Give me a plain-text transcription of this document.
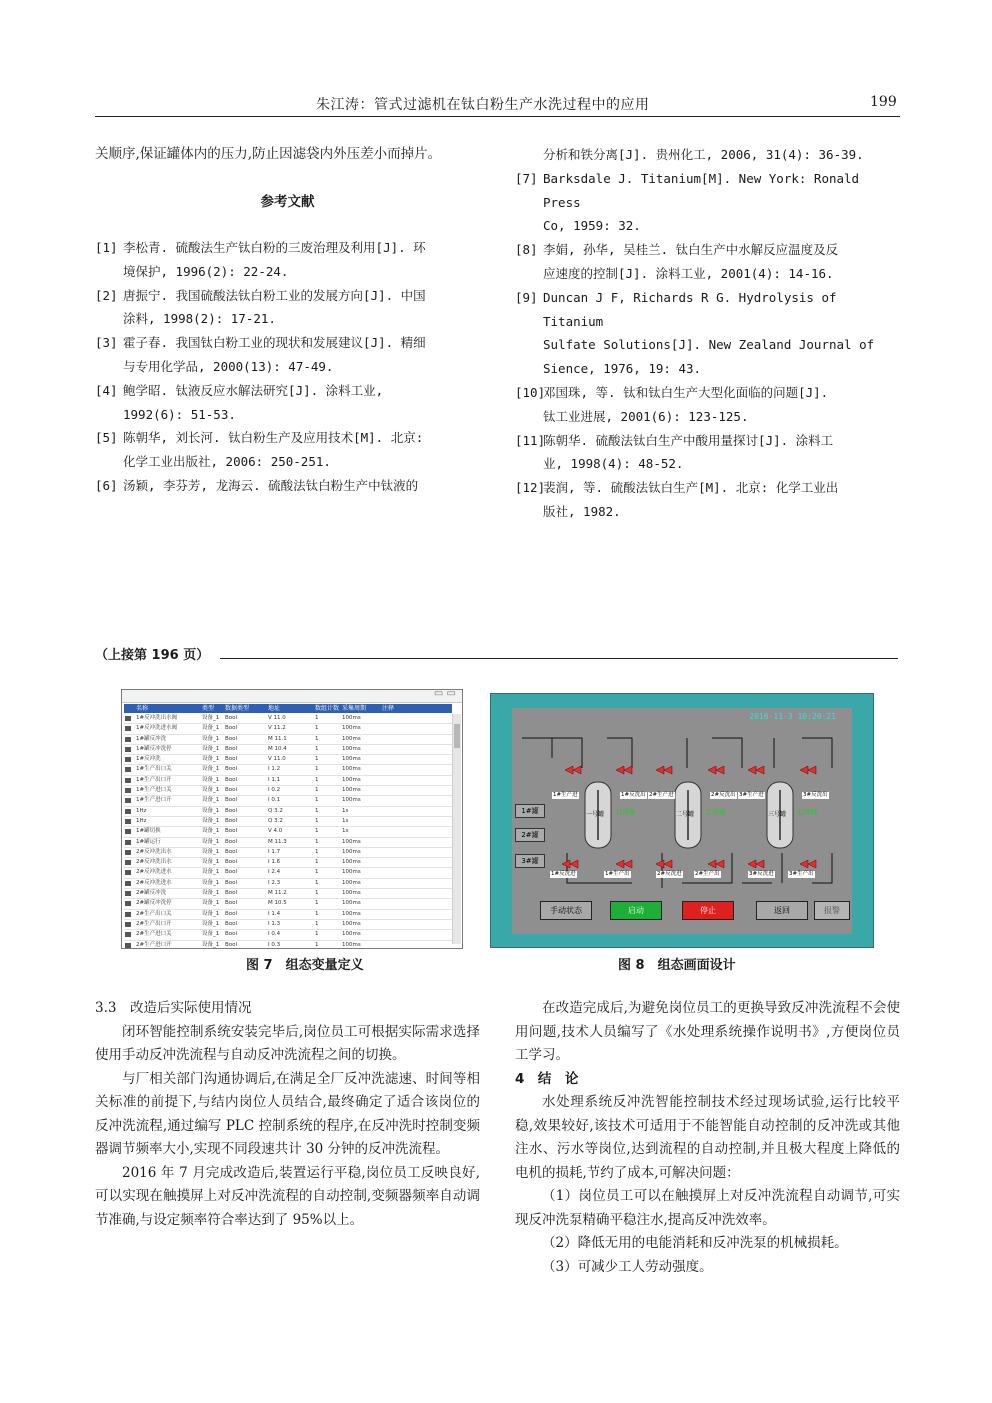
朱江涛：管式过滤机在钛白粉生产水洗过程中的应用	199

关顺序,保证罐体内的压力,防止因滤袋内外压差小而掉片。

参考文献

[1] 李松青. 硫酸法生产钛白粉的三废治理及利用[J]. 环
境保护, 1996(2): 22-24.
[2] 唐振宁. 我国硫酸法钛白粉工业的发展方向[J]. 中国
涂料, 1998(2): 17-21.
[3] 霍子春. 我国钛白粉工业的现状和发展建议[J]. 精细
与专用化学品, 2000(13): 47-49.
[4] 鲍学昭. 钛液反应水解法研究[J]. 涂料工业,
1992(6): 51-53.
[5] 陈朝华, 刘长河. 钛白粉生产及应用技术[M]. 北京:
化学工业出版社, 2006: 250-251.
[6] 汤颖, 李芬芳, 龙海云. 硫酸法钛白粉生产中钛液的

分析和铁分离[J]. 贵州化工, 2006, 31(4): 36-39.

[7] Barksdale J. Titanium[M]. New York: Ronald Press
Co, 1959: 32.
[8] 李娟, 孙华, 吴桂兰. 钛白生产中水解反应温度及反
应速度的控制[J]. 涂料工业, 2001(4): 14-16.
[9] Duncan J F, Richards R G. Hydrolysis of Titanium
Sulfate Solutions[J]. New Zealand Journal of
Sience, 1976, 19: 43.
[10]
邓国珠, 等. 钛和钛白生产大型化面临的问题[J].
钛工业进展, 2001(6): 123-125.
[11]
陈朝华. 硫酸法钛白生产中酸用量探讨[J]. 涂料工
业, 1998(4): 48-52.
[12]
裴润, 等. 硫酸法钛白生产[M]. 北京: 化学工业出
版社, 1982.
（上接第 196 页）
▭ ▭
名称	类型 数据类型	地址	数组计数 采集周期	注释
1#反冲洗出水阀	设备_1 Bool	V 11.0	1	100ms
1#反冲洗进水阀	设备_1 Bool	V 11.2	1	100ms
1#罐反冲洗	设备_1 Bool	M 11.1	1	100ms
1#罐反冲洗停	设备_1 Bool	M 10.4	1	100ms
1#反冲洗	设备_1 Bool	V 11.0	1	100ms
1#生产出口关	设备_1 Bool	I 1.2	1	100ms
1#生产出口开	设备_1 Bool	I 1.1	1	100ms
1#生产进口关	设备_1 Bool	I 0.2	1	100ms
1#生产进口开	设备_1 Bool	I 0.1	1	100ms
1Hz	设备_1 Bool	Q 3.2	1	1s
1Hz	设备_1 Bool	Q 3.2	1	1s
1#罐切换	设备_1 Bool	V 4.0	1	1s
1#罐运行	设备_1 Bool	M 11.3	1	100ms
2#反冲洗出水	设备_1 Bool	I 1.7	1	100ms
2#反冲洗出水	设备_1 Bool	I 1.6	1	100ms
2#反冲洗进水	设备_1 Bool	I 2.4	1	100ms
2#反冲洗进水	设备_1 Bool	I 2.3	1	100ms
2#罐反冲洗	设备_1 Bool	M 11.2	1	100ms
2#罐反冲洗停	设备_1 Bool	M 10.5	1	100ms
2#生产出口关	设备_1 Bool	I 1.4	1	100ms
2#生产出口开	设备_1 Bool	I 1.3	1	100ms
2#生产进口关	设备_1 Bool	I 0.4	1	100ms
2#生产进口开	设备_1 Bool	I 0.3	1	100ms
图 7　组态变量定义
2016-11-3 10:20:21
1#罐
2#罐
3#罐
一号罐	二号罐	三号罐
已冲洗	已冲洗	已冲洗
1#生产进	1#反洗出 2#生产进	2#反洗出 3#生产进	3#反洗出
1#反洗进	1#生产出	2#反洗进 2#生产出	3#反洗进	3#生产出
手动状态	启动	停止	返回	报警
图 8　组态画面设计

3.3　改造后实际使用情况

闭环智能控制系统安装完毕后,岗位员工可根据实际需求选择使用手动反冲洗流程与自动反冲洗流程之间的切换。

与厂相关部门沟通协调后,在满足全厂反冲洗滤速、时间等相关标准的前提下,与结内岗位人员结合,最终确定了适合该岗位的反冲洗流程,通过编写 PLC 控制系统的程序,在反冲洗时控制变频器调节频率大小,实现不同段速共计 30 分钟的反冲洗流程。

2016 年 7 月完成改造后,装置运行平稳,岗位员工反映良好,可以实现在触摸屏上对反冲洗流程的自动控制,变频器频率自动调节准确,与设定频率符合率达到了 95%以上。

在改造完成后,为避免岗位员工的更换导致反冲洗流程不会使用问题,技术人员编写了《水处理系统操作说明书》,方便岗位员工学习。

4　结　论

水处理系统反冲洗智能控制技术经过现场试验,运行比较平稳,效果较好,该技术可适用于不能智能自动控制的反冲洗或其他注水、污水等岗位,达到流程的自动控制,并且极大程度上降低的电机的损耗,节约了成本,可解决问题：

（1）岗位员工可以在触摸屏上对反冲洗流程自动调节,可实现反冲洗泵精确平稳注水,提高反冲洗效率。

（2）降低无用的电能消耗和反冲洗泵的机械损耗。

（3）可减少工人劳动强度。
